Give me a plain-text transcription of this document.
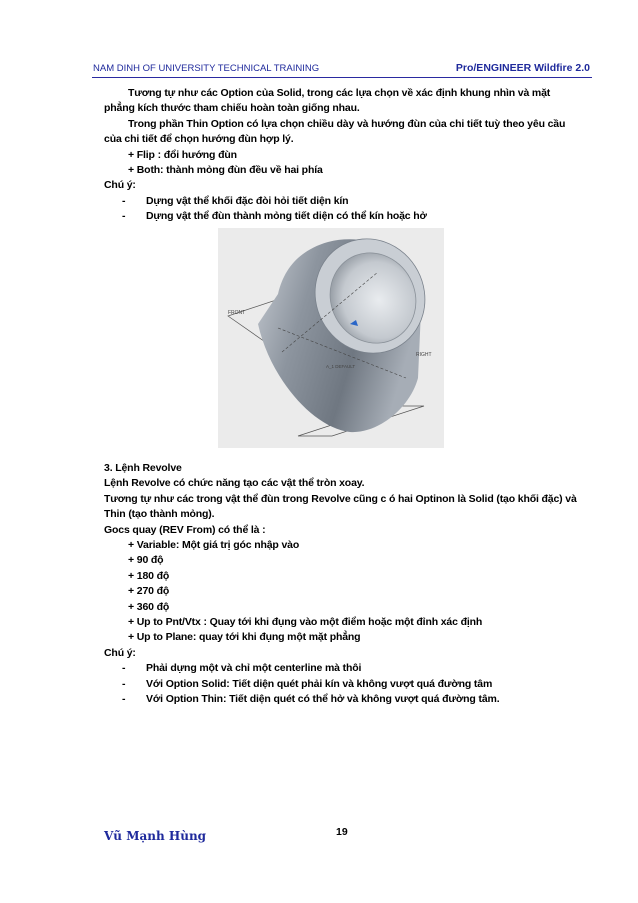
NAM DINH OF UNIVERSITY TECHNICAL TRAINING	Pro/ENGINEER Wildfire 2.0
Tương tự như các Option của Solid, trong các lựa chọn về xác định khung nhìn và mặt
phẳng kích thước tham chiếu hoàn toàn giống nhau.
Trong phần Thin Option có lựa chọn chiều dày và hướng đùn của chi tiết tuỳ theo yêu cầu
của chi tiết để chọn hướng đùn hợp lý.
+ Flip : đổi hướng đùn
+ Both: thành mỏng đùn đều về hai phía
Chú ý:
- Dựng vật thể khối đặc đòi hỏi tiết diện kín
- Dựng vật thể đùn thành mỏng tiết diện có thể kín hoặc hở
FRONT
RIGHT
A_1 DEFAULT
3. Lệnh Revolve
Lệnh Revolve có chức năng tạo các vật thể tròn xoay.
Tương tự như các trong vật thể đùn trong Revolve cũng c ó hai Optinon là Solid (tạo khối đặc) và
Thin (tạo thành mỏng).
Gocs quay (REV From) có thể là :
+ Variable: Một giá trị góc nhập vào
+ 90 độ
+ 180 độ
+ 270 độ
+ 360 độ
+ Up to Pnt/Vtx : Quay tới khi đụng vào một điểm hoặc một đỉnh xác định
+ Up to Plane: quay tới khi đụng một mặt phẳng
Chú ý:
- Phải dựng một và chỉ một centerline mà thôi
- Với Option Solid: Tiết diện quét phải kín và không vượt quá đường tâm
- Với Option Thin: Tiết diện quét có thể hở và không vượt quá đường tâm.
Vũ Mạnh Hùng	19
